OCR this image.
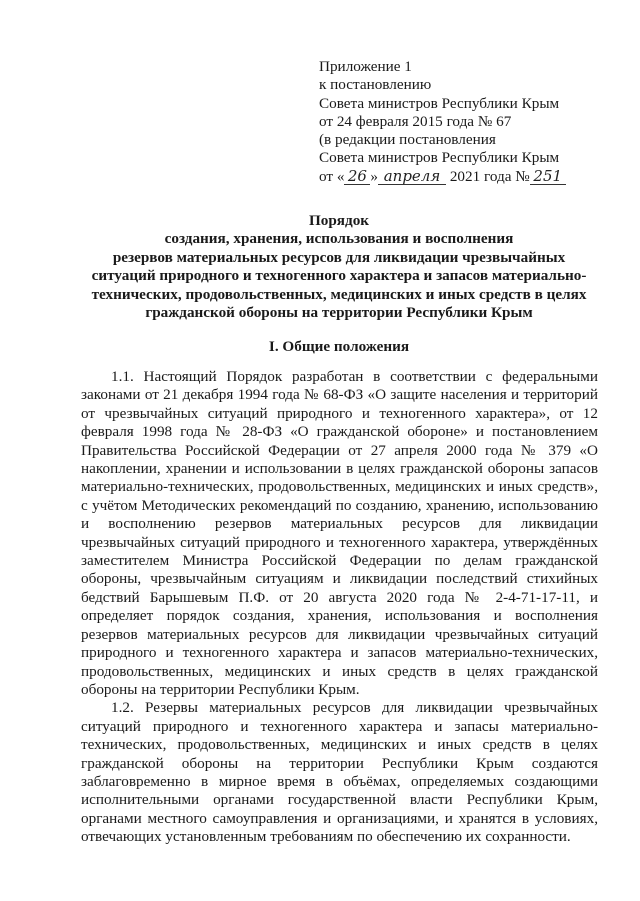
Приложение 1
к постановлению
Совета министров Республики Крым
от 24 февраля 2015 года № 67
(в редакции постановления
Совета министров Республики Крым
от « 26 » апреля 2021 года № 251
Порядок
создания, хранения, использования и восполнения
резервов материальных ресурсов для ликвидации чрезвычайных
ситуаций природного и техногенного характера и запасов материально-
технических, продовольственных, медицинских и иных средств в целях
гражданской обороны на территории Республики Крым
I. Общие положения

1.1. Настоящий Порядок разработан в соответствии с федеральными законами от 21 декабря 1994 года № 68-ФЗ «О защите населения и территорий от чрезвычайных ситуаций природного и техногенного характера», от 12 февраля 1998 года № 28-ФЗ «О гражданской обороне» и постановлением Правительства Российской Федерации от 27 апреля 2000 года № 379 «О накоплении, хранении и использовании в целях гражданской обороны запасов материально-технических, продовольственных, медицинских и иных средств», с учётом Методических рекомендаций по созданию, хранению, использованию и восполнению резервов материальных ресурсов для ликвидации чрезвычайных ситуаций природного и техногенного характера, утверждённых заместителем Министра Российской Федерации по делам гражданской обороны, чрезвычайным ситуациям и ликвидации последствий стихийных бедствий Барышевым П.Ф. от 20 августа 2020 года № 2-4-71-17-11, и определяет порядок создания, хранения, использования и восполнения резервов материальных ресурсов для ликвидации чрезвычайных ситуаций природного и техногенного характера и запасов материально-технических, продовольственных, медицинских и иных средств в целях гражданской обороны на территории Республики Крым.

1.2. Резервы материальных ресурсов для ликвидации чрезвычайных ситуаций природного и техногенного характера и запасы материально-технических, продовольственных, медицинских и иных средств в целях гражданской обороны на территории Республики Крым создаются заблаговременно в мирное время в объёмах, определяемых создающими исполнительными органами государственной власти Республики Крым, органами местного самоуправления и организациями, и хранятся в условиях, отвечающих установленным требованиям по обеспечению их сохранности.
